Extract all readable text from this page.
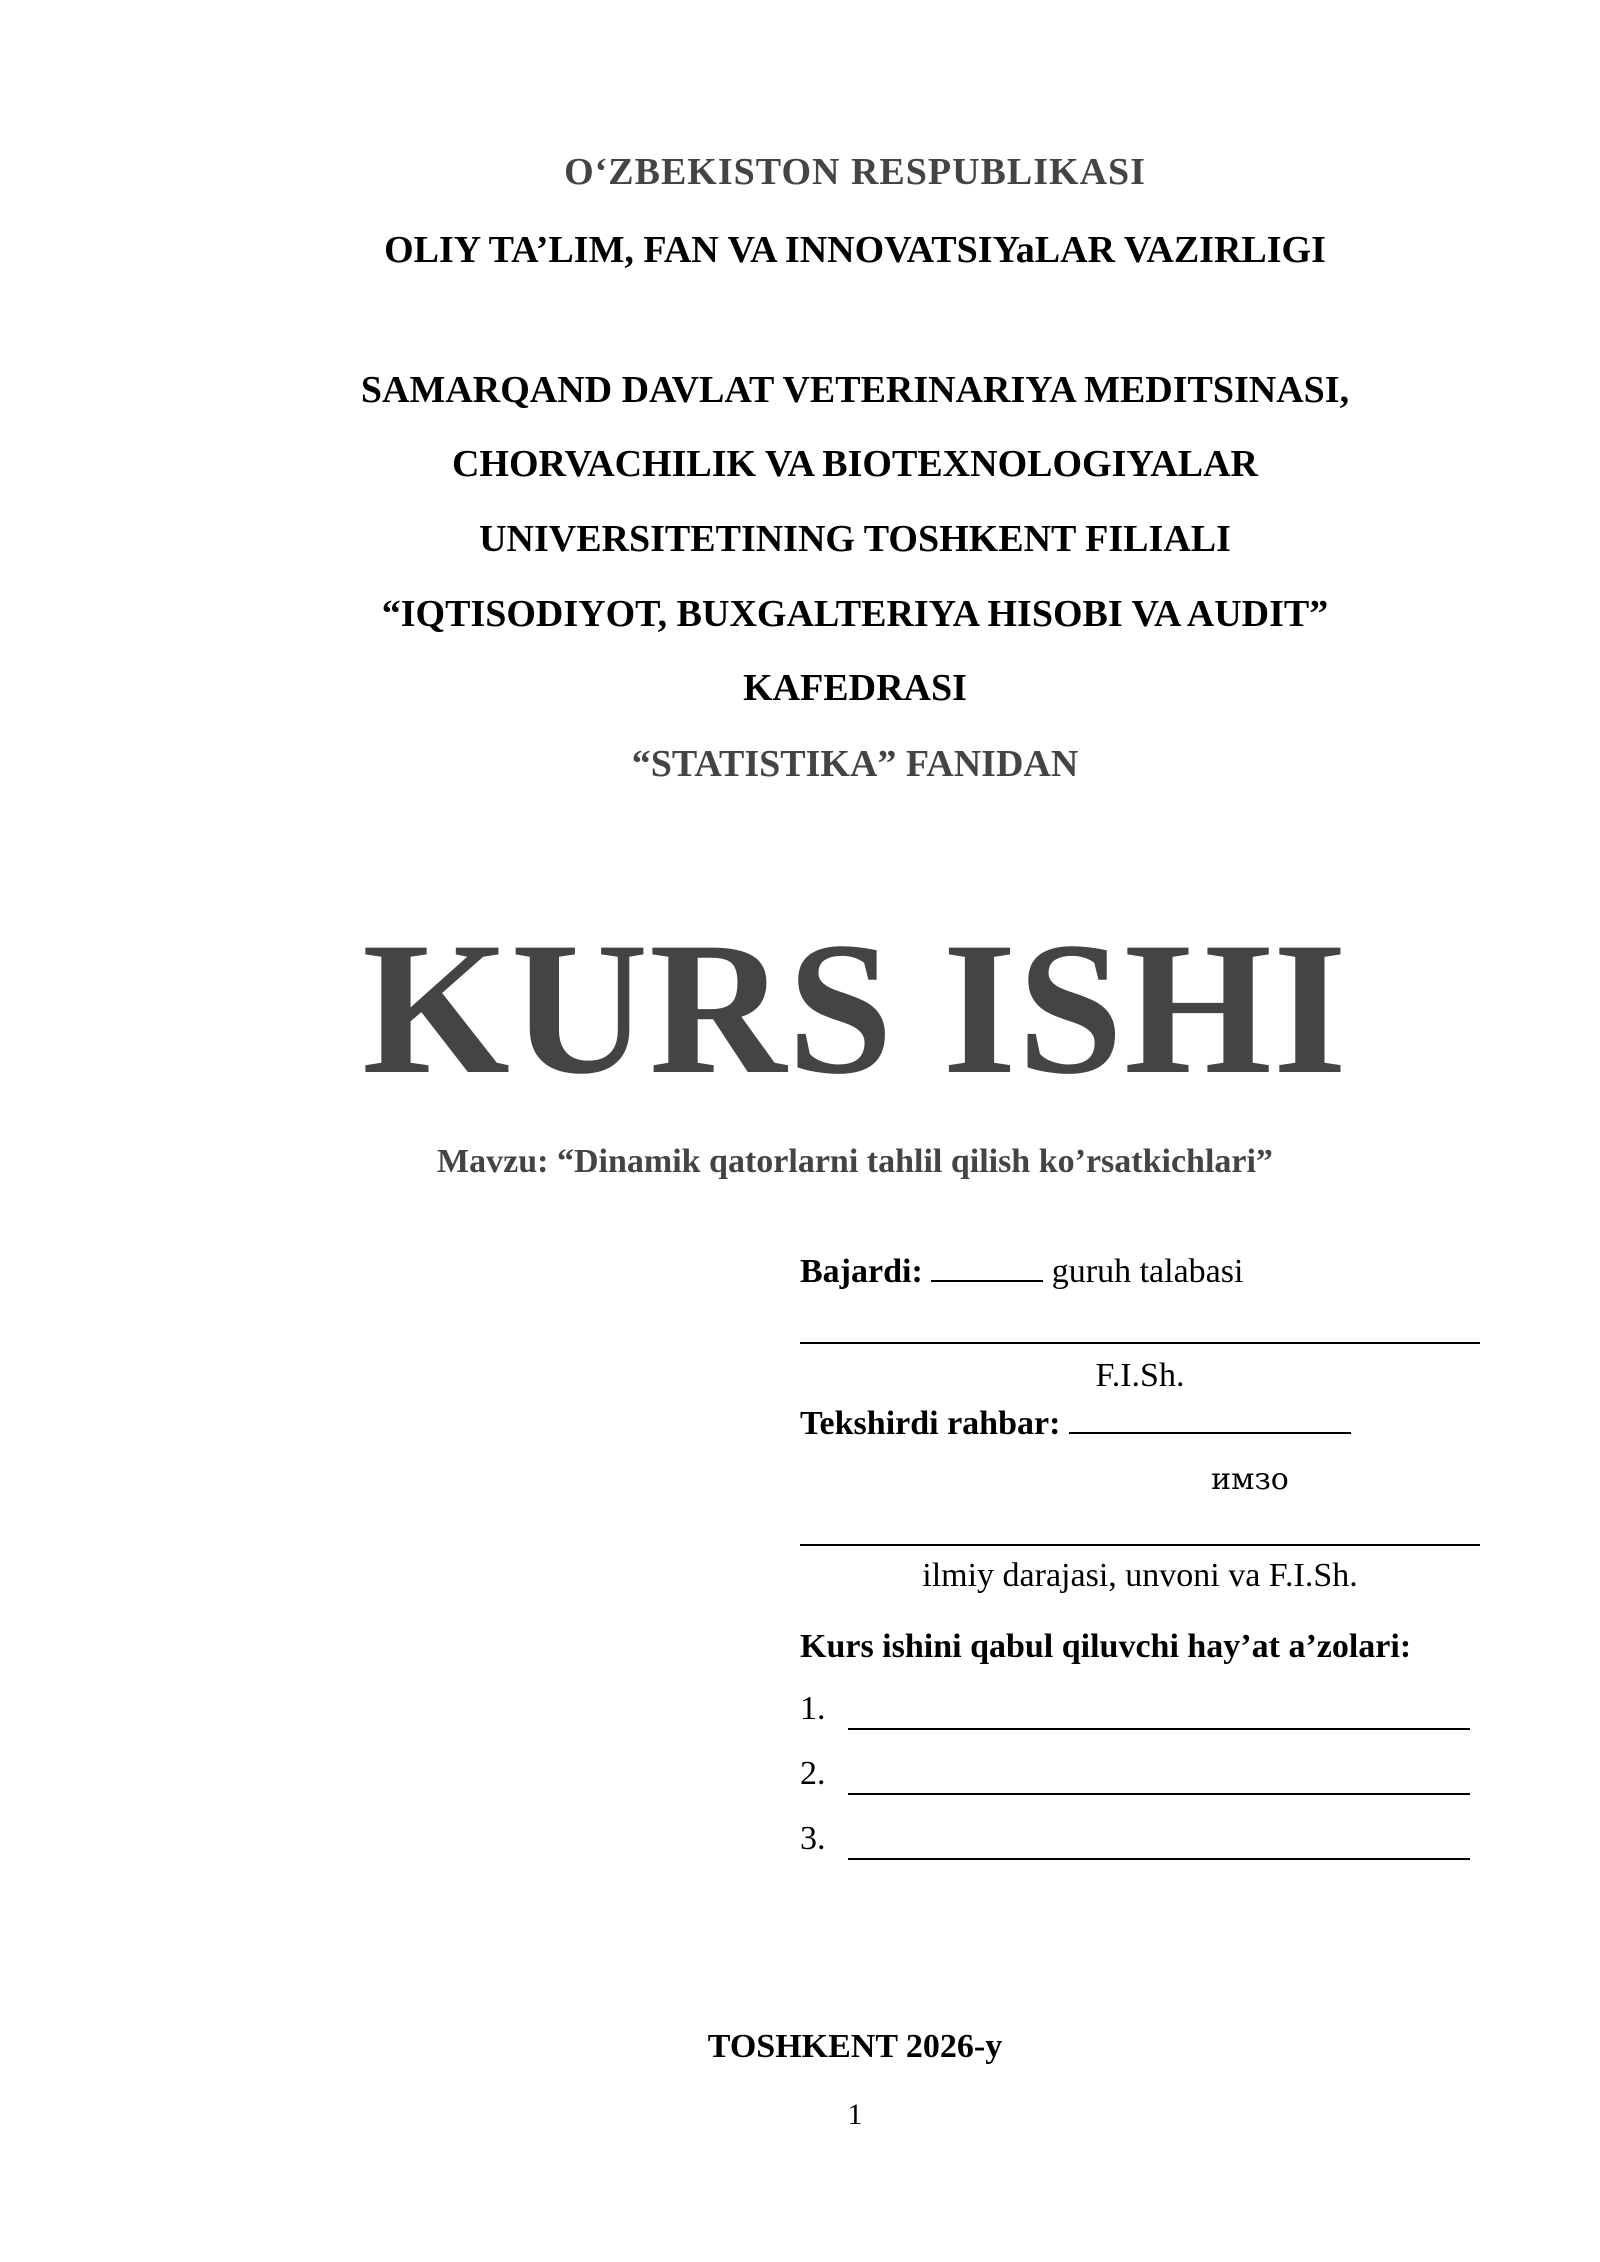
O‘ZBEKISTON RESPUBLIKASI
OLIY TA’LIM, FAN VA INNOVATSIYaLAR VAZIRLIGI
SAMARQAND DAVLAT VETERINARIYA MEDITSINASI,
CHORVACHILIK VA BIOTEXNOLOGIYALAR
UNIVERSITETINING TOSHKENT FILIALI
“IQTISODIYOT, BUXGALTERIYA HISOBI VA AUDIT”
KAFEDRASI
“STATISTIKA” FANIDAN
KURS ISHI
Mavzu: “Dinamik qatorlarni tahlil qilish ko’rsatkichlari”
Bajardi:	guruh talabasi
F.I.Sh.
Tekshirdi rahbar:
имзо
ilmiy darajasi, unvoni va F.I.Sh.
Kurs ishini qabul qiluvchi hay’at a’zolari:
1.
2.
3.
TOSHKENT 2026-y
1
